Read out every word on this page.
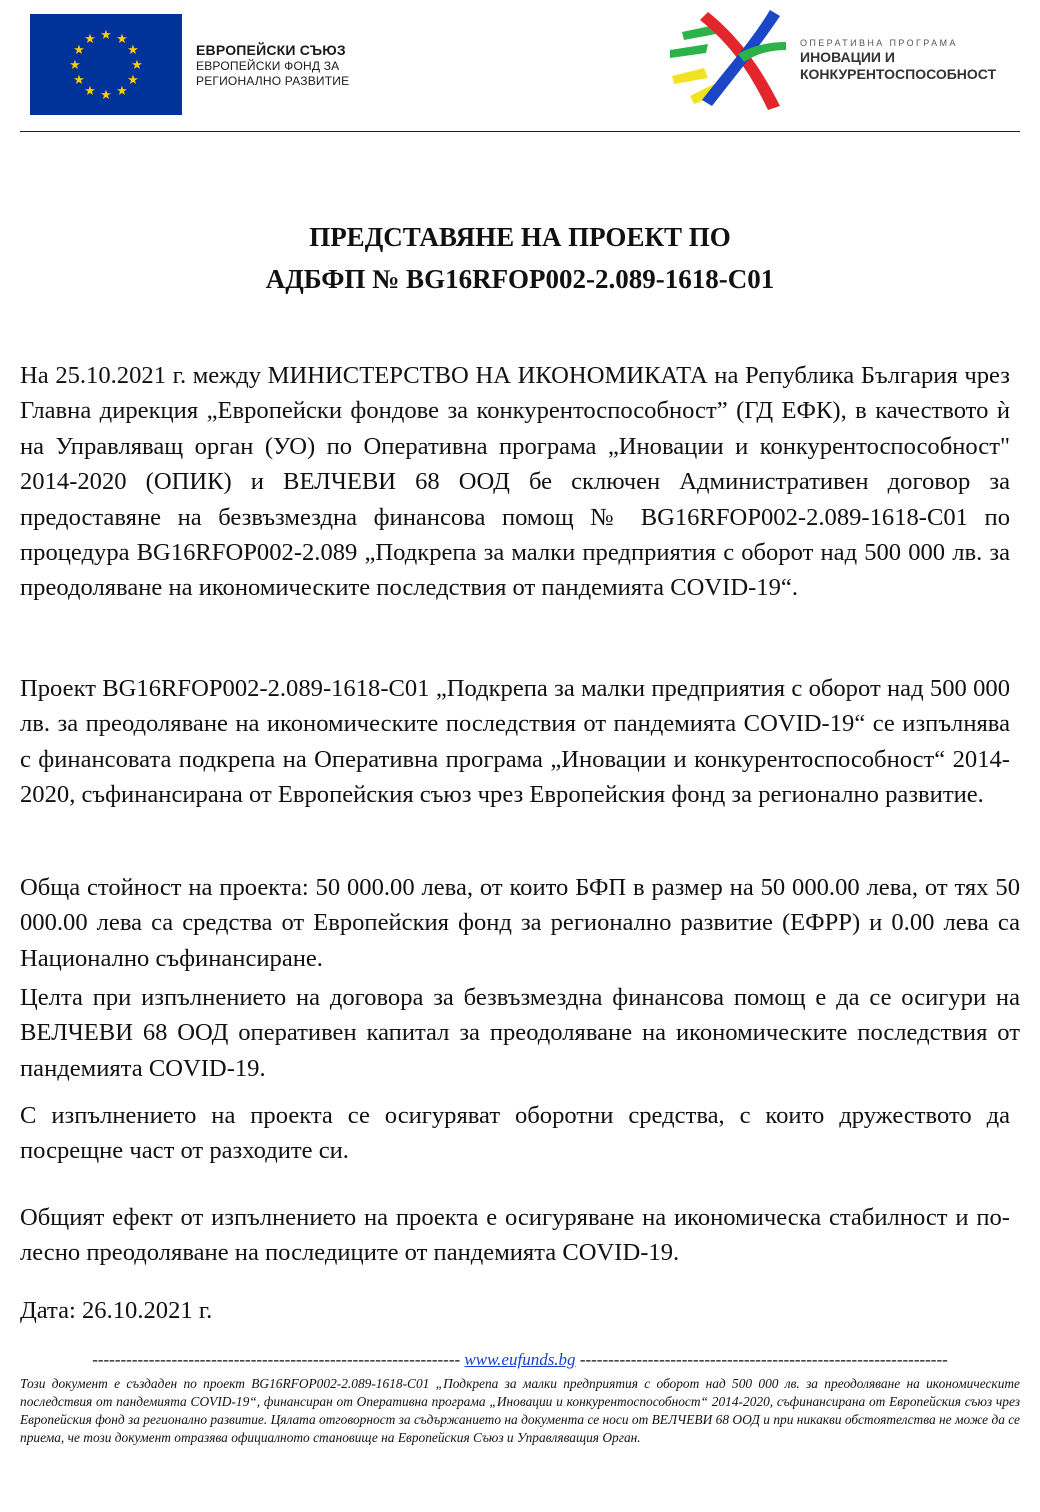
★ ★
★
★
★
★
★
★
★
★
★
★
ЕВРОПЕЙСКИ СЪЮЗ
ЕВРОПЕЙСКИ ФОНД ЗА
РЕГИОНАЛНО РАЗВИТИЕ
ОПЕРАТИВНА ПРОГРАМА
ИНОВАЦИИ И
КОНКУРЕНТОСПОСОБНОСТ
ПРЕДСТАВЯНЕ НА ПРОЕКТ ПО
АДБФП № BG16RFOP002-2.089-1618-C01

На 25.10.2021 г. между МИНИСТЕРСТВО НА ИКОНОМИКАТА на Република България чрез Главна дирекция „Европейски фондове за конкурентоспособност” (ГД ЕФК), в качеството ѝ на Управляващ орган (УО) по Оперативна програма „Иновации и конкурентоспособност" 2014-2020 (ОПИК) и ВЕЛЧЕВИ 68 ООД бе сключен Административен договор за предоставяне на безвъзмездна финансова помощ № BG16RFOP002-2.089-1618-C01 по процедура BG16RFOP002-2.089 „Подкрепа за малки предприятия с оборот над 500 000 лв. за преодоляване на икономическите последствия от пандемията COVID-19“.

Проект BG16RFOP002-2.089-1618-C01 „Подкрепа за малки предприятия с оборот над 500 000 лв. за преодоляване на икономическите последствия от пандемията COVID-19“ се изпълнява с финансовата подкрепа на Оперативна програма „Иновации и конкурентоспособност“ 2014-2020, съфинансирана от Европейския съюз чрез Европейския фонд за регионално развитие.

Обща стойност на проекта: 50 000.00 лева, от които БФП в размер на 50 000.00 лева, от тях 50 000.00 лева са средства от Европейския фонд за регионално развитие (ЕФРР) и 0.00 лева са Национално съфинансиране.

Целта при изпълнението на договора за безвъзмездна финансова помощ е да се осигури на ВЕЛЧЕВИ 68 ООД оперативен капитал за преодоляване на икономическите последствия от пандемията COVID-19.

С изпълнението на проекта се осигуряват оборотни средства, с които дружеството да посрещне част от разходите си.

Общият ефект от изпълнението на проекта е осигуряване на икономическа стабилност и по-лесно преодоляване на последиците от пандемията COVID-19.

Дата: 26.10.2021 г.

----------------------------------------------------------------- www.eufunds.bg -----------------------------------------------------------------
Този документ е създаден по проект BG16RFOP002-2.089-1618-C01 „Подкрепа за малки предприятия с оборот над 500 000 лв. за преодоляване на икономическите последствия от пандемията COVID-19“, финансиран от Оперативна програма „Иновации и конкурентоспособност“ 2014-2020, съфинансирана от Европейския съюз чрез Европейския фонд за регионално развитие. Цялата отговорност за съдържанието на документа се носи от ВЕЛЧЕВИ 68 ООД и при никакви обстоятелства не може да се приема, че този документ отразява официалното становище на Европейския Съюз и Управляващия Орган.
